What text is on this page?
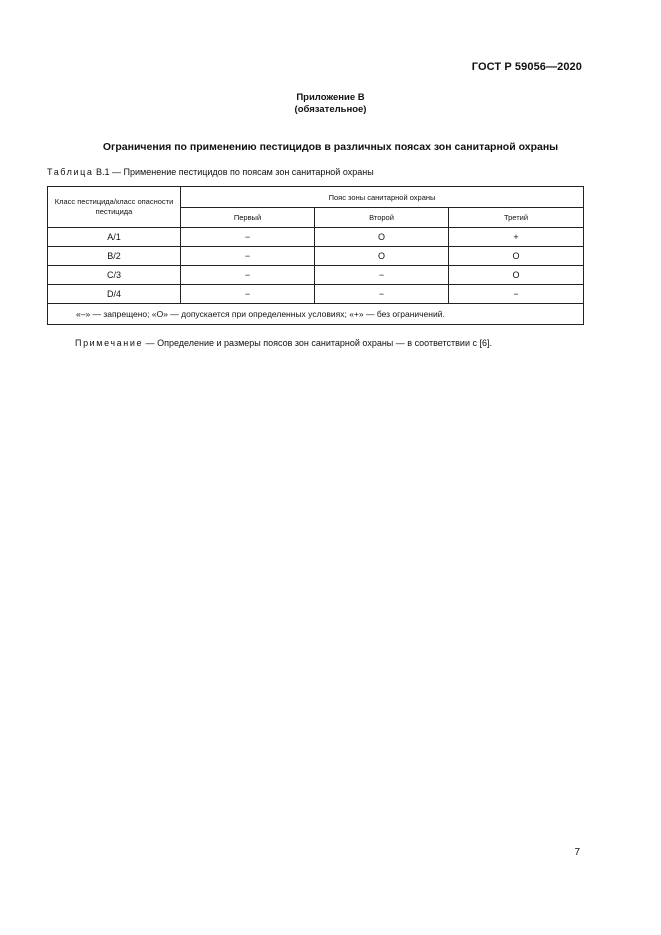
ГОСТ Р 59056—2020
Приложение В
(обязательное)
Ограничения по применению пестицидов в различных поясах зон санитарной охраны
Таблица В.1 — Применение пестицидов по поясам зон санитарной охраны
Класс пестицида/класс опасности пестицида	Пояс зоны санитарной охраны		
	Первый	Второй	Третий
А/1	−	О	+
В/2	−	О	О
С/3	−	−	О
D/4	−	−	−
«–» — запрещено; «О» — допускается при определенных условиях; «+» — без ограничений.			
Примечание — Определение и размеры поясов зон санитарной охраны — в соответствии с [6].
7
